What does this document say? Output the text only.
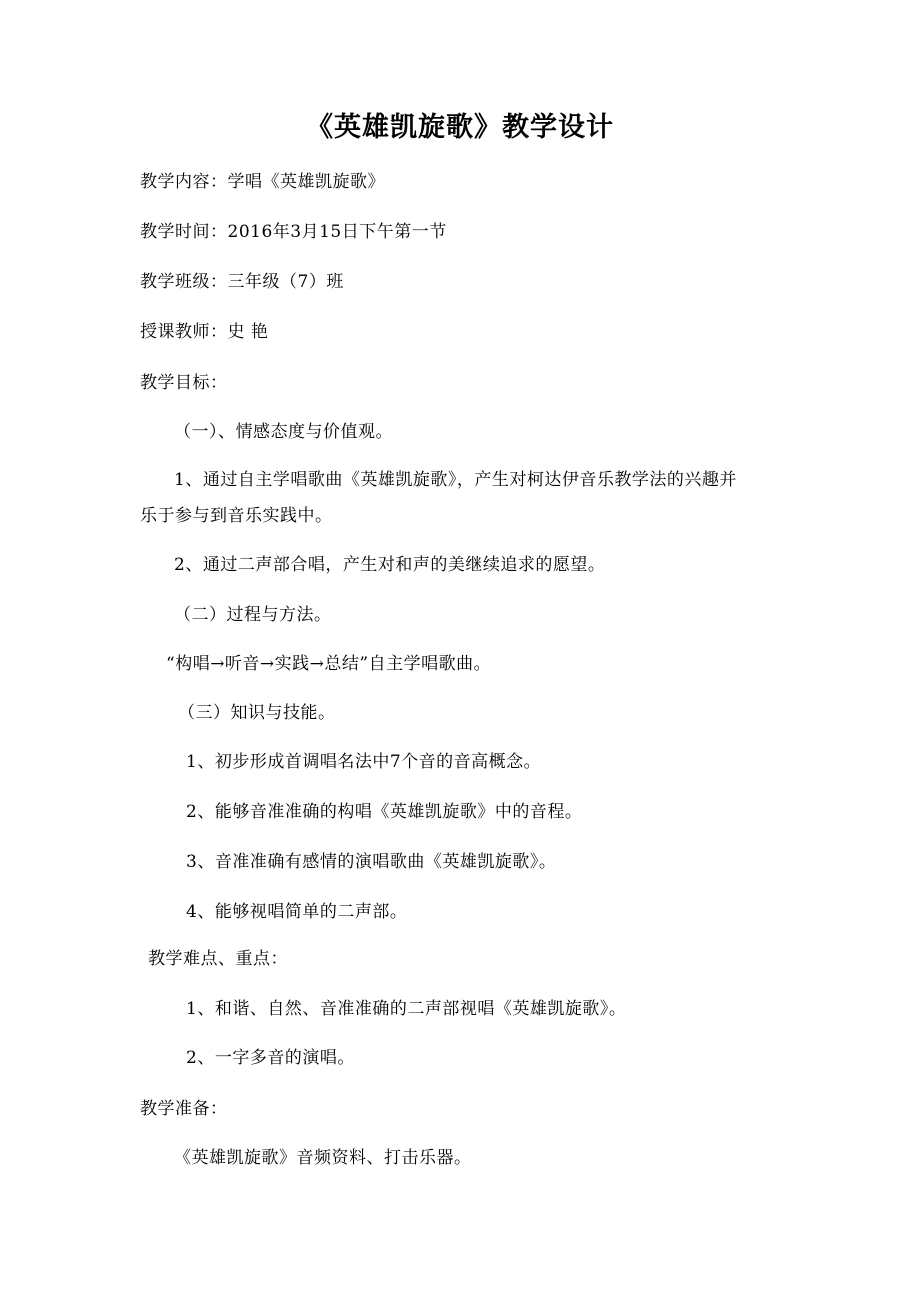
《英雄凯旋歌》教学设计
教学内容：学唱《英雄凯旋歌》
教学时间：2016年3月15日下午第一节
教学班级：三年级（7）班
授课教师：史 艳
教学目标：
（一）、情感态度与价值观。
1、通过自主学唱歌曲《英雄凯旋歌》，产生对柯达伊音乐教学法的兴趣并
乐于参与到音乐实践中。
2、通过二声部合唱，产生对和声的美继续追求的愿望。
（二）过程与方法。
“构唱→听音→实践→总结”自主学唱歌曲。
（三）知识与技能。
1、初步形成首调唱名法中7个音的音高概念。
2、能够音准准确的构唱《英雄凯旋歌》中的音程。
3、音准准确有感情的演唱歌曲《英雄凯旋歌》。
4、能够视唱简单的二声部。
教学难点、重点：
1、和谐、自然、音准准确的二声部视唱《英雄凯旋歌》。
2、一字多音的演唱。
教学准备：
《英雄凯旋歌》音频资料、打击乐器。
